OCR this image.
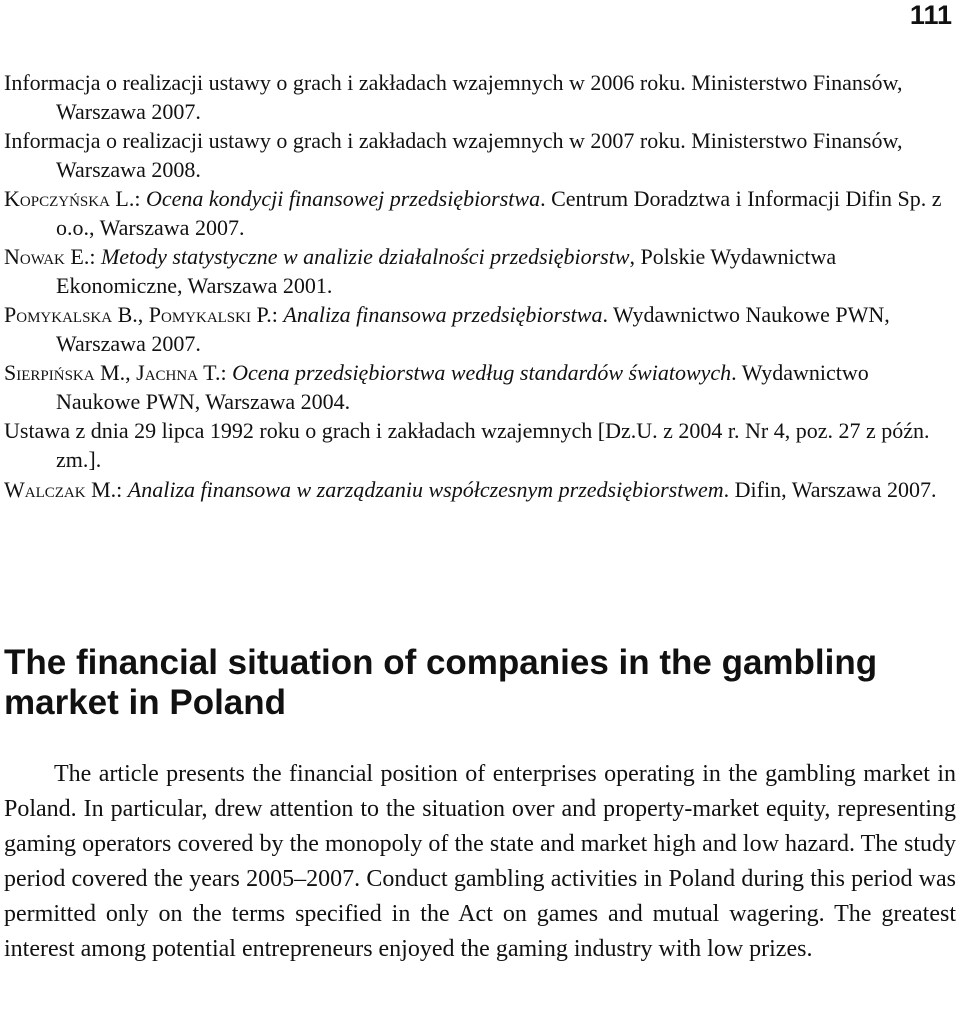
111
Informacja o realizacji ustawy o grach i zakładach wzajemnych w 2006 roku. Ministerstwo Finansów, Warszawa 2007.
Informacja o realizacji ustawy o grach i zakładach wzajemnych w 2007 roku. Ministerstwo Finansów, Warszawa 2008.
Kopczyńska L.: Ocena kondycji finansowej przedsiębiorstwa. Centrum Doradztwa i Informacji Difin Sp. z o.o., Warszawa 2007.
Nowak E.: Metody statystyczne w analizie działalności przedsiębiorstw, Polskie Wydawnictwa Ekonomiczne, Warszawa 2001.
Pomykalska B., Pomykalski P.: Analiza finansowa przedsiębiorstwa. Wydawnictwo Naukowe PWN, Warszawa 2007.
Sierpińska M., Jachna T.: Ocena przedsiębiorstwa według standardów światowych. Wydawnictwo Naukowe PWN, Warszawa 2004.
Ustawa z dnia 29 lipca 1992 roku o grach i zakładach wzajemnych [Dz.U. z 2004 r. Nr 4, poz. 27 z późn. zm.].
Walczak M.: Analiza finansowa w zarządzaniu współczesnym przedsiębiorstwem. Difin, Warszawa 2007.
The financial situation of companies in the gambling market in Poland

The article presents the financial position of enterprises operating in the gambling market in Poland. In particular, drew attention to the situation over and property-market equity, representing gaming operators covered by the monopoly of the state and market high and low hazard. The study period covered the years 2005–2007. Conduct gambling activities in Poland during this period was permitted only on the terms specified in the Act on games and mutual wagering. The greatest interest among potential entrepreneurs enjoyed the gaming industry with low prizes.
